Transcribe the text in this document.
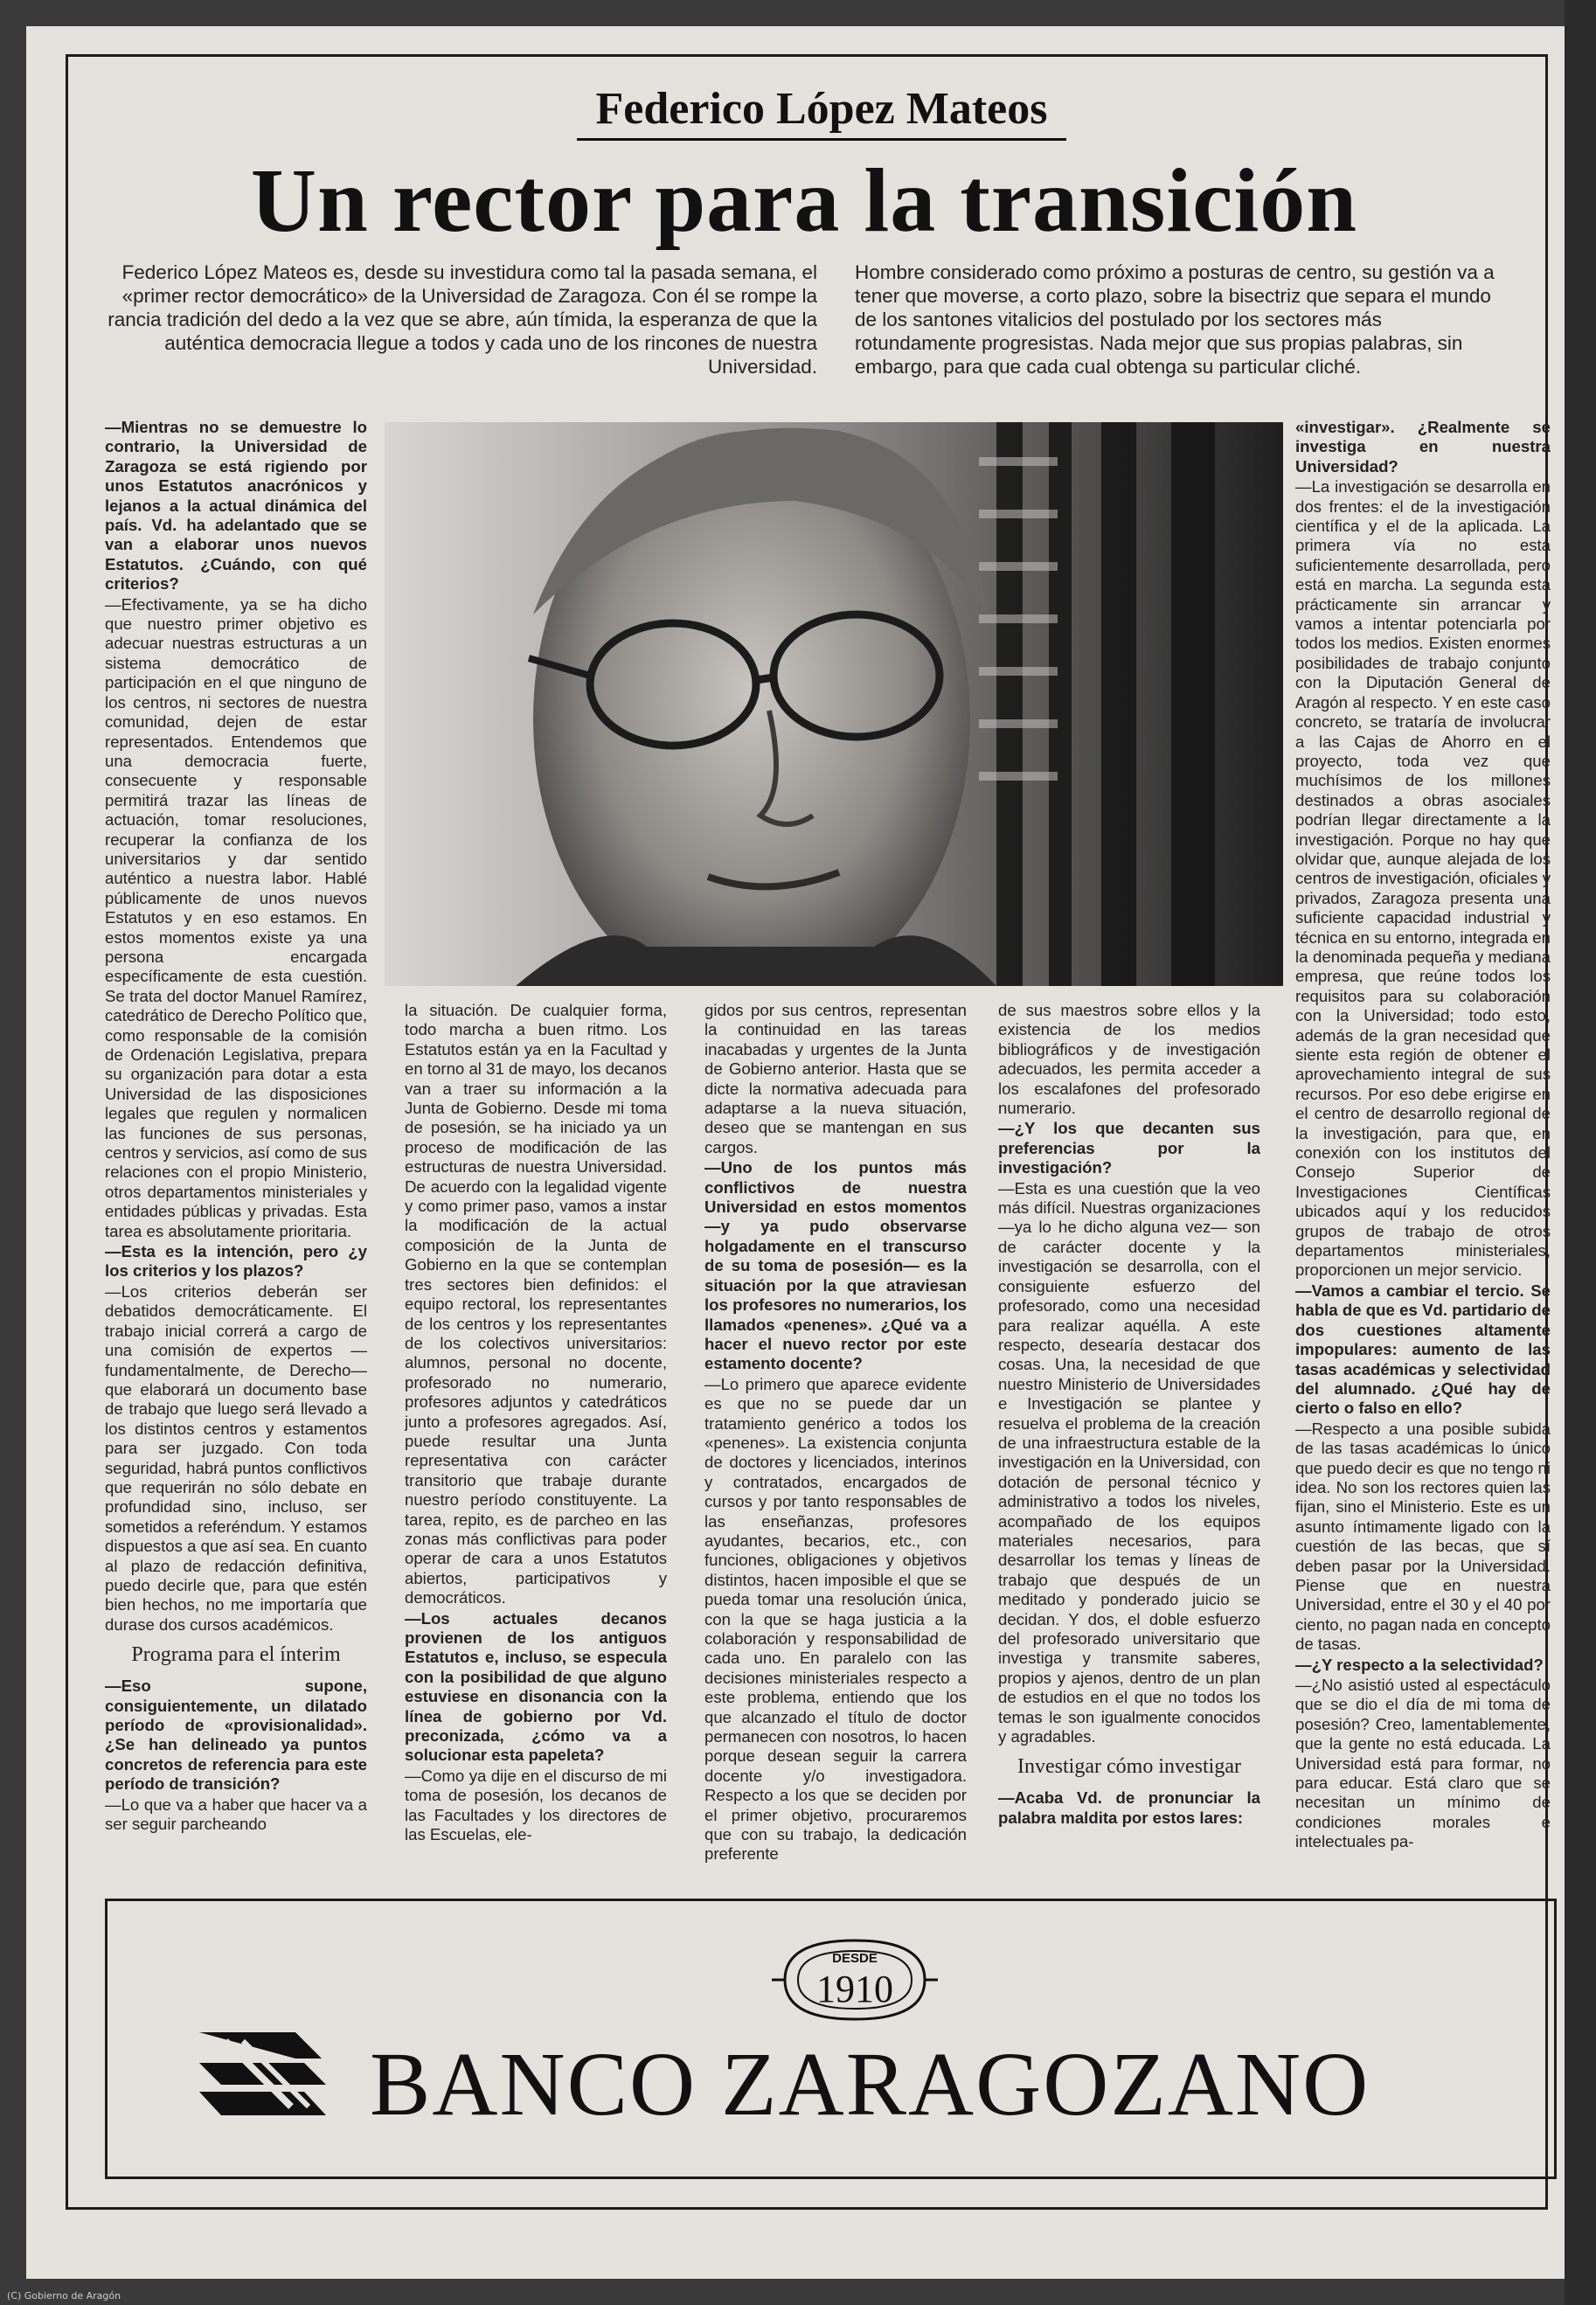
Federico López Mateos
Un rector para la transición
Federico López Mateos es, desde su investidura como tal la pasada semana, el «primer rector democrático» de la Universidad de Zaragoza. Con él se rompe la rancia tradición del dedo a la vez que se abre, aún tímida, la esperanza de que la auténtica democracia llegue a todos y cada uno de los rincones de nuestra Universidad.
Hombre considerado como próximo a posturas de centro, su gestión va a tener que moverse, a corto plazo, sobre la bisectriz que separa el mundo de los santones vitalicios del postulado por los sectores más rotundamente progresistas. Nada mejor que sus propias palabras, sin embargo, para que cada cual obtenga su particular cliché.

—Mientras no se demuestre lo contrario, la Universidad de Zaragoza se está rigiendo por unos Estatutos anacrónicos y lejanos a la actual dinámica del país. Vd. ha adelantado que se van a elaborar unos nuevos Estatutos. ¿Cuándo, con qué criterios?

—Efectivamente, ya se ha dicho que nuestro primer objetivo es adecuar nuestras estructuras a un sistema democrático de participación en el que ninguno de los centros, ni sectores de nuestra comunidad, dejen de estar representados. Entendemos que una democracia fuerte, consecuente y responsable permitirá trazar las líneas de actuación, tomar resoluciones, recuperar la confianza de los universitarios y dar sentido auténtico a nuestra labor. Hablé públicamente de unos nuevos Estatutos y en eso estamos. En estos momentos existe ya una persona encargada específicamente de esta cuestión. Se trata del doctor Manuel Ramírez, catedrático de Derecho Político que, como responsable de la comisión de Ordenación Legislativa, prepara su organización para dotar a esta Universidad de las disposiciones legales que regulen y normalicen las funciones de sus personas, centros y servicios, así como de sus relaciones con el propio Ministerio, otros departamentos ministeriales y entidades públicas y privadas. Esta tarea es absolutamente prioritaria.

—Esta es la intención, pero ¿y los criterios y los plazos?

—Los criterios deberán ser debatidos democráticamente. El trabajo inicial correrá a cargo de una comisión de expertos —fundamentalmente, de Derecho— que elaborará un documento base de trabajo que luego será llevado a los distintos centros y estamentos para ser juzgado. Con toda seguridad, habrá puntos conflictivos que requerirán no sólo debate en profundidad sino, incluso, ser sometidos a referéndum. Y estamos dispuestos a que así sea. En cuanto al plazo de redacción definitiva, puedo decirle que, para que estén bien hechos, no me importaría que durase dos cursos académicos.

Programa para el ínterim

—Eso supone, consiguientemente, un dilatado período de «provisionalidad». ¿Se han delineado ya puntos concretos de referencia para este período de transición?

—Lo que va a haber que hacer va a ser seguir parcheando

la situación. De cualquier forma, todo marcha a buen ritmo. Los Estatutos están ya en la Facultad y en torno al 31 de mayo, los decanos van a traer su información a la Junta de Gobierno. Desde mi toma de posesión, se ha iniciado ya un proceso de modificación de las estructuras de nuestra Universidad. De acuerdo con la legalidad vigente y como primer paso, vamos a instar la modificación de la actual composición de la Junta de Gobierno en la que se contemplan tres sectores bien definidos: el equipo rectoral, los representantes de los centros y los representantes de los colectivos universitarios: alumnos, personal no docente, profesorado no numerario, profesores adjuntos y catedráticos junto a profesores agregados. Así, puede resultar una Junta representativa con carácter transitorio que trabaje durante nuestro período constituyente. La tarea, repito, es de parcheo en las zonas más conflictivas para poder operar de cara a unos Estatutos abiertos, participativos y democráticos.

—Los actuales decanos provienen de los antiguos Estatutos e, incluso, se especula con la posibilidad de que alguno estuviese en disonancia con la línea de gobierno por Vd. preconizada, ¿cómo va a solucionar esta papeleta?

—Como ya dije en el discurso de mi toma de posesión, los decanos de las Facultades y los directores de las Escuelas, ele-

gidos por sus centros, representan la continuidad en las tareas inacabadas y urgentes de la Junta de Gobierno anterior. Hasta que se dicte la normativa adecuada para adaptarse a la nueva situación, deseo que se mantengan en sus cargos.

—Uno de los puntos más conflictivos de nuestra Universidad en estos momentos —y ya pudo observarse holgadamente en el transcurso de su toma de posesión— es la situación por la que atraviesan los profesores no numerarios, los llamados «penenes». ¿Qué va a hacer el nuevo rector por este estamento docente?

—Lo primero que aparece evidente es que no se puede dar un tratamiento genérico a todos los «penenes». La existencia conjunta de doctores y licenciados, interinos y contratados, encargados de cursos y por tanto responsables de las enseñanzas, profesores ayudantes, becarios, etc., con funciones, obligaciones y objetivos distintos, hacen imposible el que se pueda tomar una resolución única, con la que se haga justicia a la colaboración y responsabilidad de cada uno. En paralelo con las decisiones ministeriales respecto a este problema, entiendo que los que alcanzado el título de doctor permanecen con nosotros, lo hacen porque desean seguir la carrera docente y/o investigadora. Respecto a los que se deciden por el primer objetivo, procuraremos que con su trabajo, la dedicación preferente

de sus maestros sobre ellos y la existencia de los medios bibliográficos y de investigación adecuados, les permita acceder a los escalafones del profesorado numerario.

—¿Y los que decanten sus preferencias por la investigación?

—Esta es una cuestión que la veo más difícil. Nuestras organizaciones —ya lo he dicho alguna vez— son de carácter docente y la investigación se desarrolla, con el consiguiente esfuerzo del profesorado, como una necesidad para realizar aquélla. A este respecto, desearía destacar dos cosas. Una, la necesidad de que nuestro Ministerio de Universidades e Investigación se plantee y resuelva el problema de la creación de una infraestructura estable de la investigación en la Universidad, con dotación de personal técnico y administrativo a todos los niveles, acompañado de los equipos materiales necesarios, para desarrollar los temas y líneas de trabajo que después de un meditado y ponderado juicio se decidan. Y dos, el doble esfuerzo del profesorado universitario que investiga y transmite saberes, propios y ajenos, dentro de un plan de estudios en el que no todos los temas le son igualmente conocidos y agradables.

Investigar cómo investigar

—Acaba Vd. de pronunciar la palabra maldita por estos lares:

«investigar». ¿Realmente se investiga en nuestra Universidad?

—La investigación se desarrolla en dos frentes: el de la investigación científica y el de la aplicada. La primera vía no está suficientemente desarrollada, pero está en marcha. La segunda está prácticamente sin arrancar y vamos a intentar potenciarla por todos los medios. Existen enormes posibilidades de trabajo conjunto con la Diputación General de Aragón al respecto. Y en este caso concreto, se trataría de involucrar a las Cajas de Ahorro en el proyecto, toda vez que muchísimos de los millones destinados a obras asociales podrían llegar directamente a la investigación. Porque no hay que olvidar que, aunque alejada de los centros de investigación, oficiales y privados, Zaragoza presenta una suficiente capacidad industrial y técnica en su entorno, integrada en la denominada pequeña y mediana empresa, que reúne todos los requisitos para su colaboración con la Universidad; todo esto, además de la gran necesidad que siente esta región de obtener el aprovechamiento integral de sus recursos. Por eso debe erigirse en el centro de desarrollo regional de la investigación, para que, en conexión con los institutos del Consejo Superior de Investigaciones Científicas ubicados aquí y los reducidos grupos de trabajo de otros departamentos ministeriales, proporcionen un mejor servicio.

—Vamos a cambiar el tercio. Se habla de que es Vd. partidario de dos cuestiones altamente impopulares: aumento de las tasas académicas y selectividad del alumnado. ¿Qué hay de cierto o falso en ello?

—Respecto a una posible subida de las tasas académicas lo único que puedo decir es que no tengo ni idea. No son los rectores quien las fijan, sino el Ministerio. Este es un asunto íntimamente ligado con la cuestión de las becas, que sí deben pasar por la Universidad. Piense que en nuestra Universidad, entre el 30 y el 40 por ciento, no pagan nada en concepto de tasas.

—¿Y respecto a la selectividad?

—¿No asistió usted al espectáculo que se dio el día de mi toma de posesión? Creo, lamentablemente, que la gente no está educada. La Universidad está para formar, no para educar. Está claro que se necesitan un mínimo de condiciones morales e intelectuales pa-

DESDE
1910
BANCO ZARAGOZANO
(C) Gobierno de Aragón
